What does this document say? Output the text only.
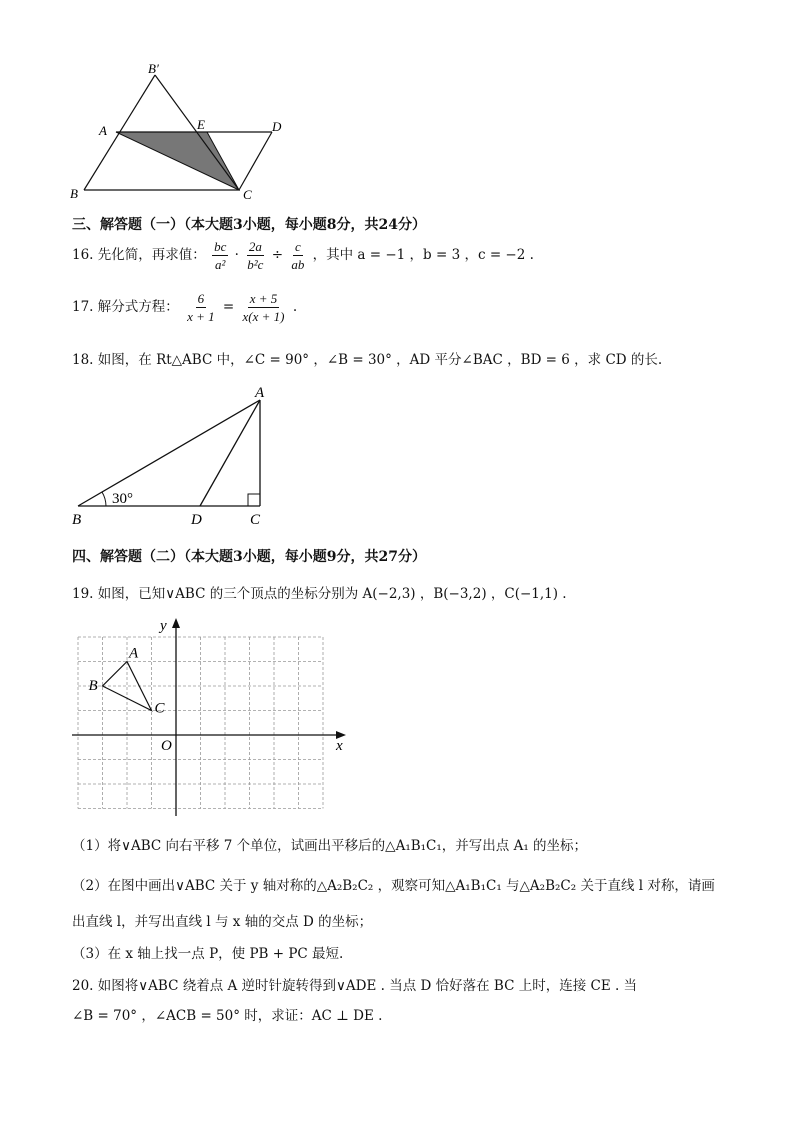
B′
A	E	D
B	C
三、解答题（一）（本大题3小题，每小题8分，共24分）
16. 先化简，再求值： $\frac{bc}{\text{a²}} \cdot \frac{2a}{\text{b²c}} \div \frac{c}{ab}$ ，其中 a = −1 ，b = 3 ，c = −2 .
17. 解分式方程： $\frac{6}{x + 1} = \frac{x + 5}{x(x + 1)}$ .
18. 如图，在 Rt△ABC 中，∠C = 90° ，∠B = 30° ，AD 平分∠BAC ，BD = 6 ，求 CD 的长.
30°
A
B	D	C
四、解答题（二）（本大题3小题，每小题9分，共27分）
19. 如图，已知∨ABC 的三个顶点的坐标分别为 A(−2,3) ，B(−3,2) ，C(−1,1) .
y
x
O
A
B
C
（1）将∨ABC 向右平移 7 个单位，试画出平移后的△A₁B₁C₁，并写出点 A₁ 的坐标；
（2）在图中画出∨ABC 关于 y 轴对称的△A₂B₂C₂ ，观察可知△A₁B₁C₁ 与△A₂B₂C₂ 关于直线 l 对称，请画
出直线 l，并写出直线 l 与 x 轴的交点 D 的坐标；
（3）在 x 轴上找一点 P，使 PB + PC 最短.
20. 如图将∨ABC 绕着点 A 逆时针旋转得到∨ADE . 当点 D 恰好落在 BC 上时，连接 CE . 当
∠B = 70° ，∠ACB = 50° 时，求证：AC ⊥ DE .
